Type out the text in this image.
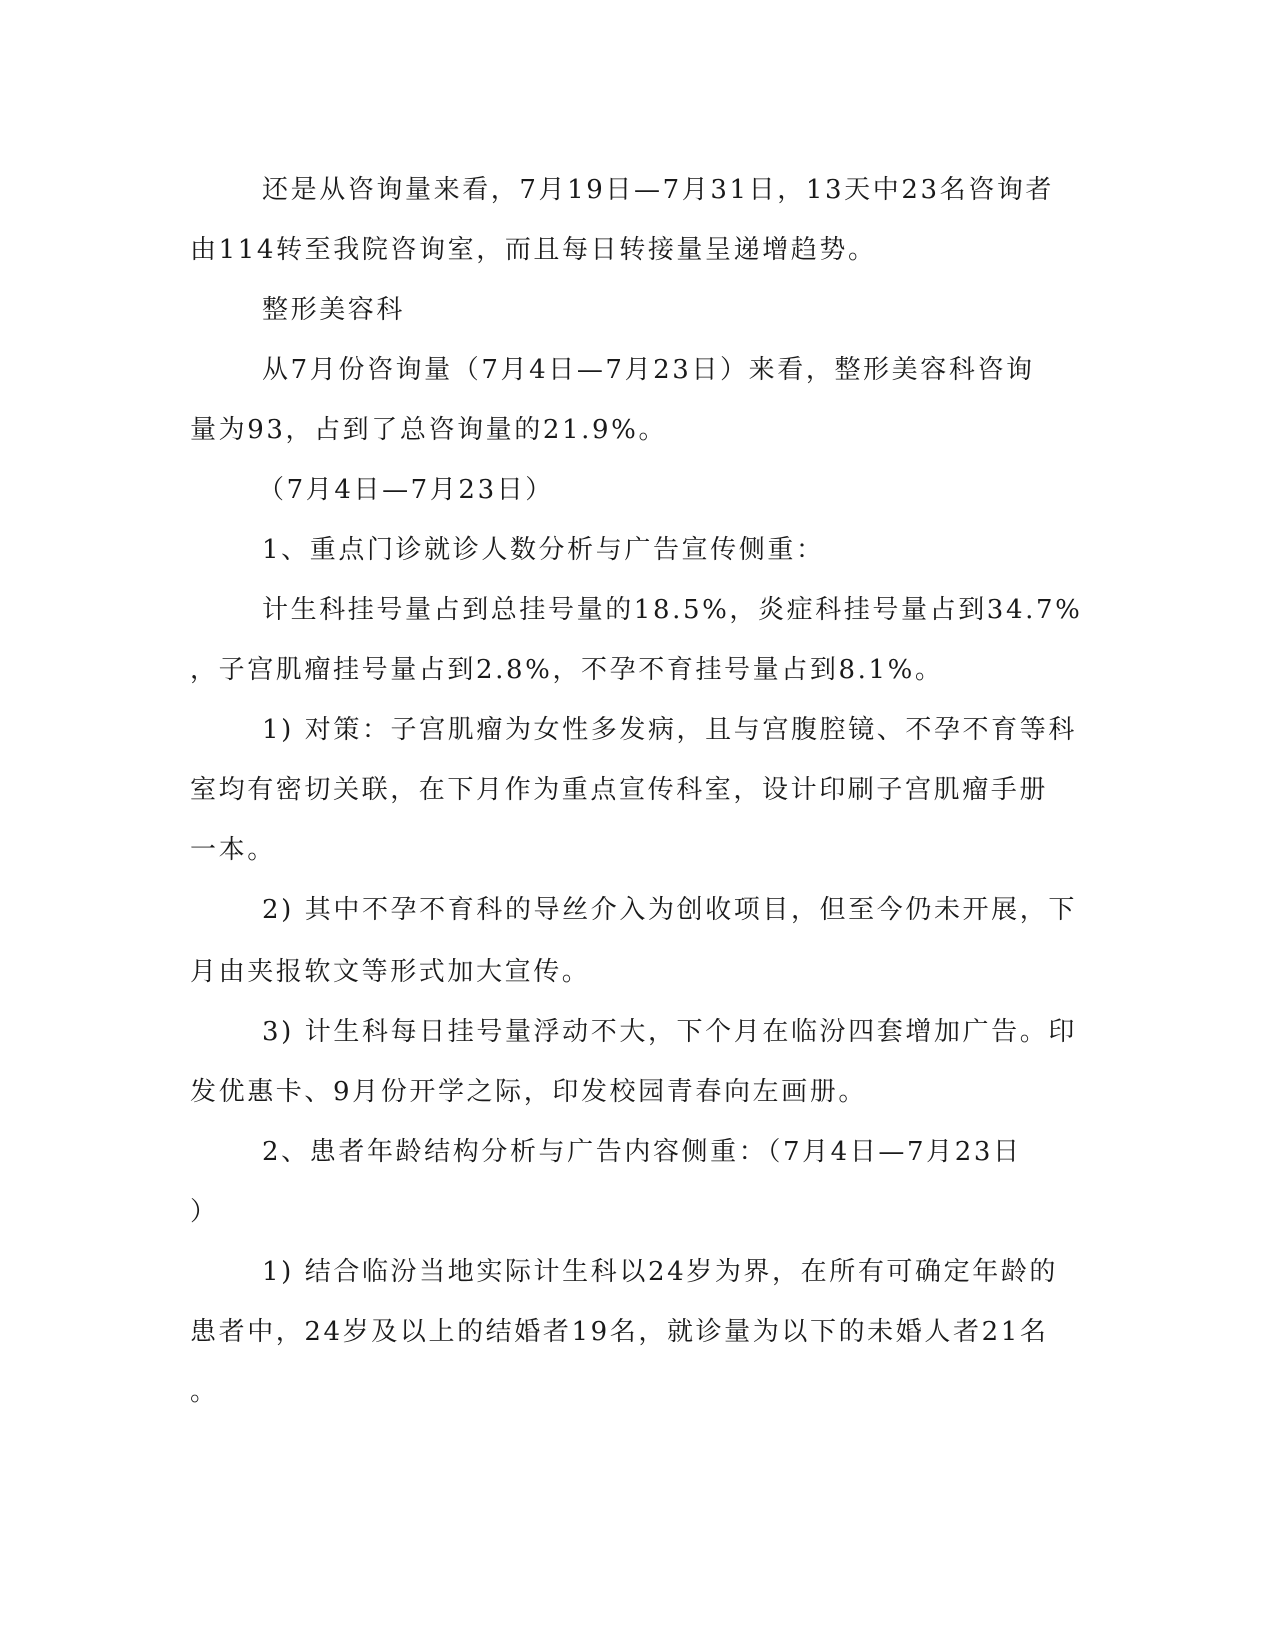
还是从咨询量来看，7月19日—7月31日，13天中23名咨询者
由114转至我院咨询室，而且每日转接量呈递增趋势。
整形美容科
从7月份咨询量（7月4日—7月23日）来看，整形美容科咨询
量为93，占到了总咨询量的21.9%。
（7月4日—7月23日）
1、重点门诊就诊人数分析与广告宣传侧重：
计生科挂号量占到总挂号量的18.5%，炎症科挂号量占到34.7%
，子宫肌瘤挂号量占到2.8%，不孕不育挂号量占到8.1%。
1) 对策：子宫肌瘤为女性多发病，且与宫腹腔镜、不孕不育等科
室均有密切关联，在下月作为重点宣传科室，设计印刷子宫肌瘤手册
一本。
2) 其中不孕不育科的导丝介入为创收项目，但至今仍未开展，下
月由夹报软文等形式加大宣传。
3) 计生科每日挂号量浮动不大，下个月在临汾四套增加广告。印
发优惠卡、9月份开学之际，印发校园青春向左画册。
2、患者年龄结构分析与广告内容侧重：（7月4日—7月23日
）
1) 结合临汾当地实际计生科以24岁为界，在所有可确定年龄的
患者中，24岁及以上的结婚者19名，就诊量为以下的未婚人者21名
。
